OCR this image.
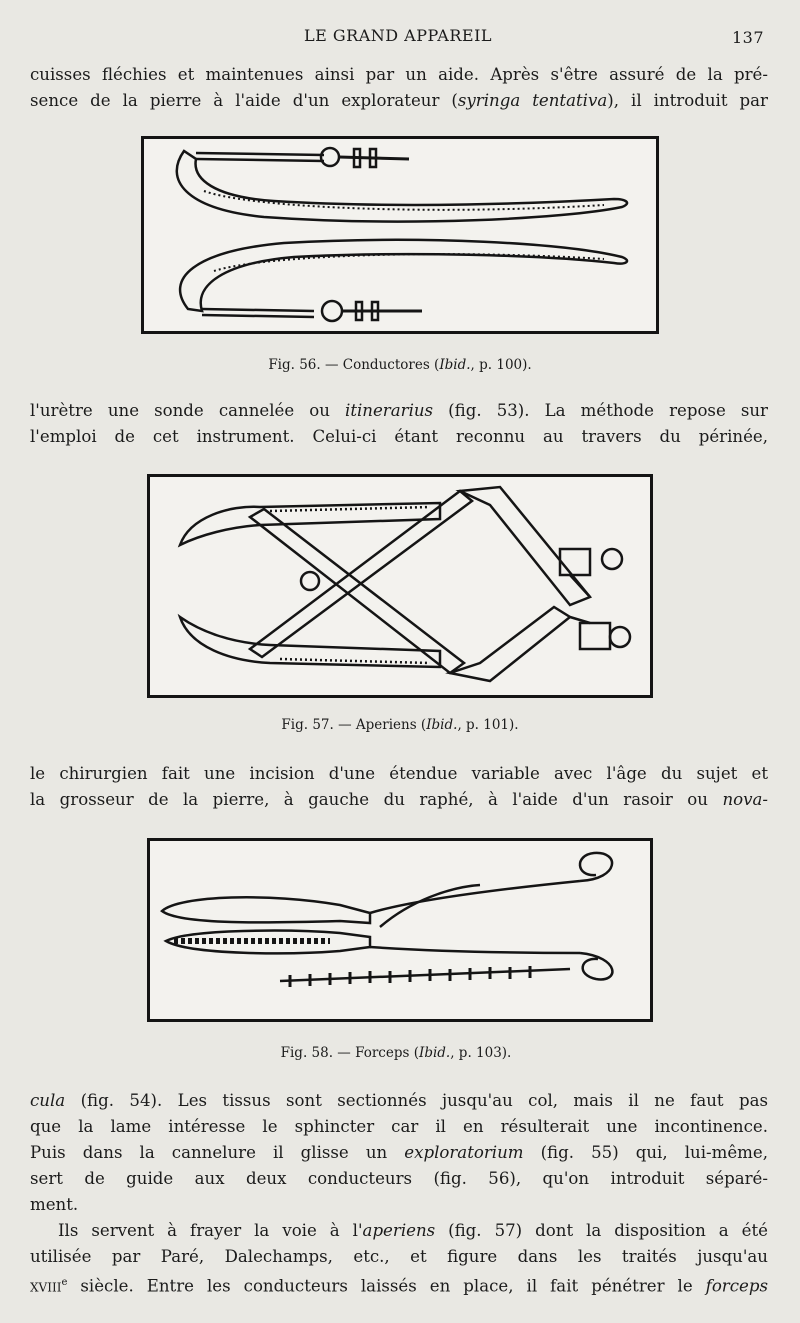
LE GRAND APPAREIL	137
cuisses fléchies et maintenues ainsi par un aide. Après s'être assuré de la pré-
sence de la pierre à l'aide d'un explorateur (syringa tentativa), il introduit par
Fig. 56. — Conductores (Ibid., p. 100).
l'urètre une sonde cannelée ou itinerarius (fig. 53). La méthode repose sur
l'emploi de cet instrument. Celui-ci étant reconnu au travers du périnée,
Fig. 57. — Aperiens (Ibid., p. 101).
le chirurgien fait une incision d'une étendue variable avec l'âge du sujet et
la grosseur de la pierre, à gauche du raphé, à l'aide d'un rasoir ou nova-
Fig. 58. — Forceps (Ibid., p. 103).
cula (fig. 54). Les tissus sont sectionnés jusqu'au col, mais il ne faut pas
que la lame intéresse le sphincter car il en résulterait une incontinence.
Puis dans la cannelure il glisse un exploratorium (fig. 55) qui, lui-même,
sert de guide aux deux conducteurs (fig. 56), qu'on introduit séparé-
ment.
Ils servent à frayer la voie à l'aperiens (fig. 57) dont la disposition a été
utilisée par Paré, Dalechamps, etc., et figure dans les traités jusqu'au
xviii$^e$ siècle. Entre les conducteurs laissés en place, il fait pénétrer le forceps
